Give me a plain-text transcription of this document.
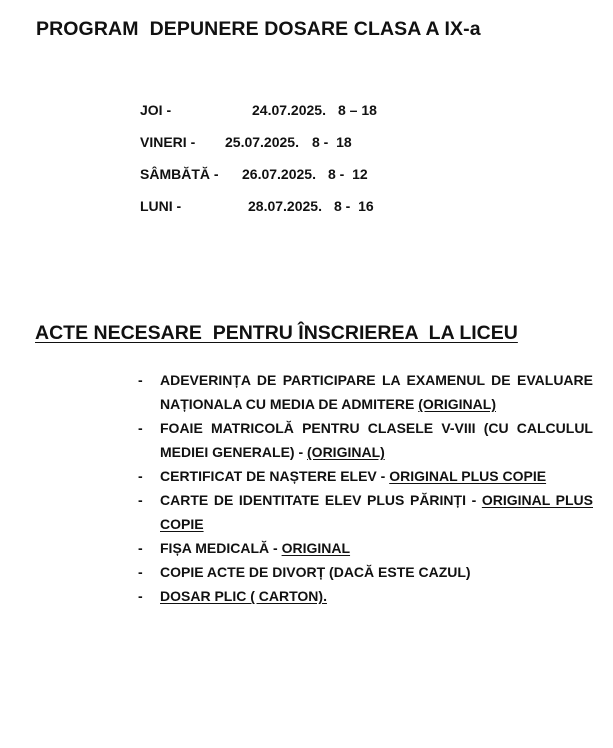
PROGRAM  DEPUNERE DOSARE CLASA A IX-a
JOI -	24.07.2025. 8 – 18
VINERI - 25.07.2025. 8 -  18
SÂMBĂTĂ - 26.07.2025. 8 -  12
LUNI -	28.07.2025. 8 -  16
ACTE NECESARE  PENTRU ÎNSCRIEREA  LA LICEU
- ADEVERINȚA DE PARTICIPARE LA EXAMENUL DE EVALUARE NAȚIONALA CU MEDIA DE ADMITERE (ORIGINAL)
- FOAIE MATRICOLĂ PENTRU CLASELE V-VIII (CU CALCULUL MEDIEI GENERALE) - (ORIGINAL)
- CERTIFICAT DE NAȘTERE ELEV - ORIGINAL PLUS COPIE
- CARTE DE IDENTITATE ELEV PLUS PĂRINȚI - ORIGINAL PLUS COPIE
- FIȘA MEDICALĂ - ORIGINAL
- COPIE ACTE DE DIVORȚ (DACĂ ESTE CAZUL)
- DOSAR PLIC ( CARTON).
